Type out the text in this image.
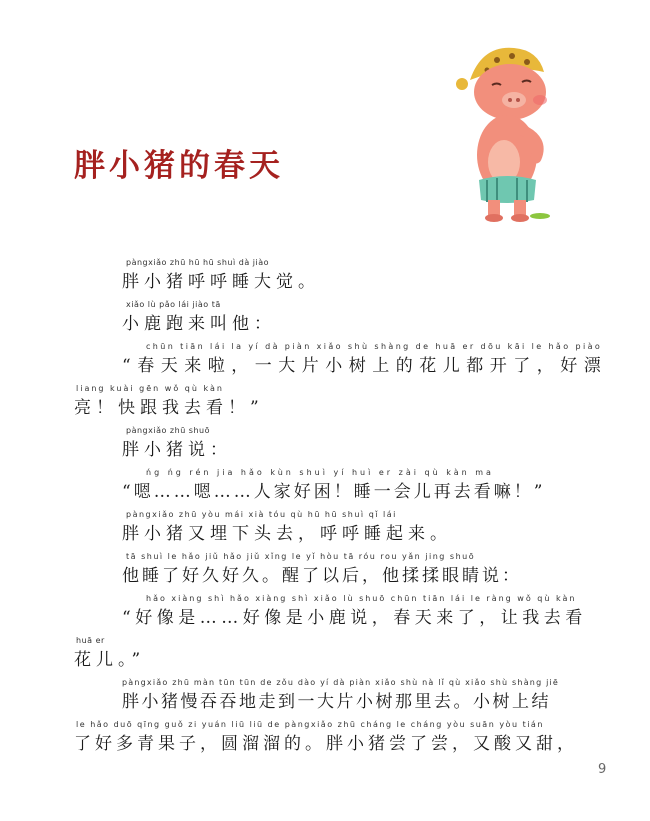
胖小猪的春天
pàngxiǎo zhū hū hū shuì dà jiào
胖小猪呼呼睡大觉。
xiǎo lù pǎo lái jiào tā
小鹿跑来叫他：
chūn tiān lái la yí dà piàn xiǎo shù shàng de huā er dōu kāi le hǎo piào
“春天来啦，一大片小树上的花儿都开了，好漂
liang kuài gēn wǒ qù kàn
亮！快跟我去看！”
pàngxiǎo zhū shuō
胖小猪说：
ńg ńg rén jia hǎo kùn shuì yí huì er zài qù kàn ma
“嗯……嗯……人家好困！睡一会儿再去看嘛！”
pàngxiǎo zhū yòu mái xià tóu qù hū hū shuì qǐ lái
胖小猪又埋下头去，呼呼睡起来。
tā shuì le hǎo jiǔ hǎo jiǔ xǐng le yǐ hòu tā róu rou yǎn jing shuō
他睡了好久好久。醒了以后，他揉揉眼睛说：
hǎo xiàng shì hǎo xiàng shì xiǎo lù shuō chūn tiān lái le ràng wǒ qù kàn
“好像是……好像是小鹿说，春天来了，让我去看
huā er
花儿。”
pàngxiǎo zhū màn tūn tūn de zǒu dào yí dà piàn xiǎo shù nà lǐ qù xiǎo shù shàng jiē
胖小猪慢吞吞地走到一大片小树那里去。小树上结
le hǎo duō qīng guǒ zi yuán liū liū de pàngxiǎo zhū cháng le cháng yòu suān yòu tián
了好多青果子，圆溜溜的。胖小猪尝了尝，又酸又甜，
9
